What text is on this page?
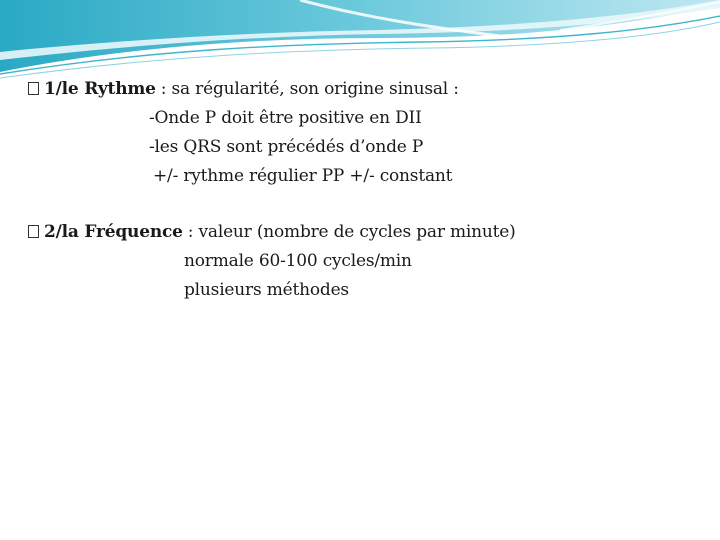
1/le Rythme : sa régularité, son origine sinusal :
-Onde P doit être positive en DII
-les QRS sont précédés d’onde P
+/- rythme régulier PP +/- constant
2/la Fréquence : valeur (nombre de cycles par minute)
normale 60-100 cycles/min
plusieurs méthodes
